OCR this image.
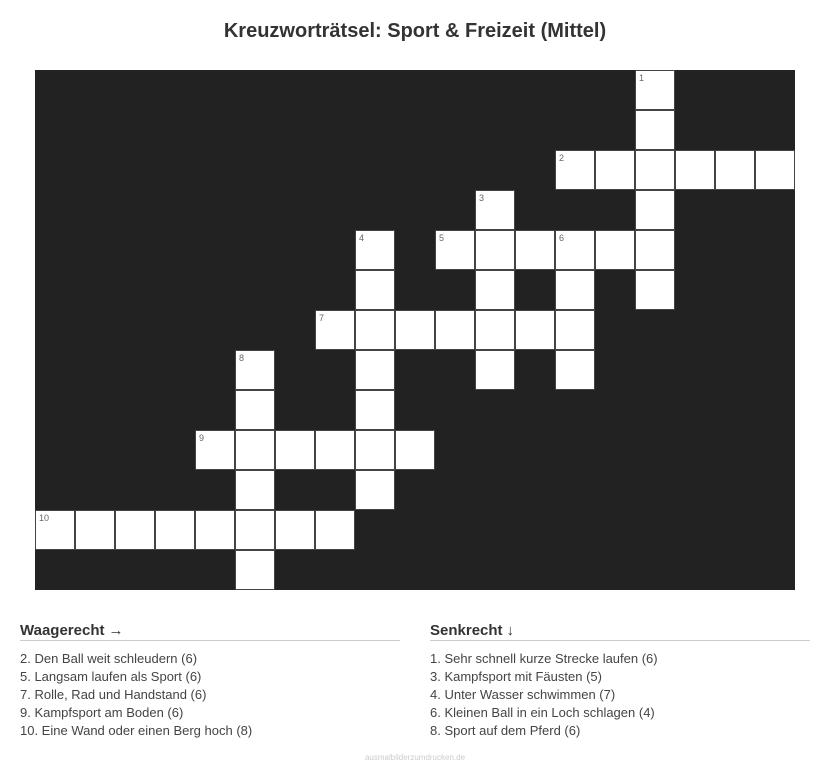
Kreuzworträtsel: Sport & Freizeit (Mittel)
1
2
3
4	5	6
7
8
9
10
Waagerecht →
2. Den Ball weit schleudern (6)
5. Langsam laufen als Sport (6)
7. Rolle, Rad und Handstand (6)
9. Kampfsport am Boden (6)
10. Eine Wand oder einen Berg hoch (8)
Senkrecht ↓
1. Sehr schnell kurze Strecke laufen (6)
3. Kampfsport mit Fäusten (5)
4. Unter Wasser schwimmen (7)
6. Kleinen Ball in ein Loch schlagen (4)
8. Sport auf dem Pferd (6)
ausmalbilderzumdrucken.de
